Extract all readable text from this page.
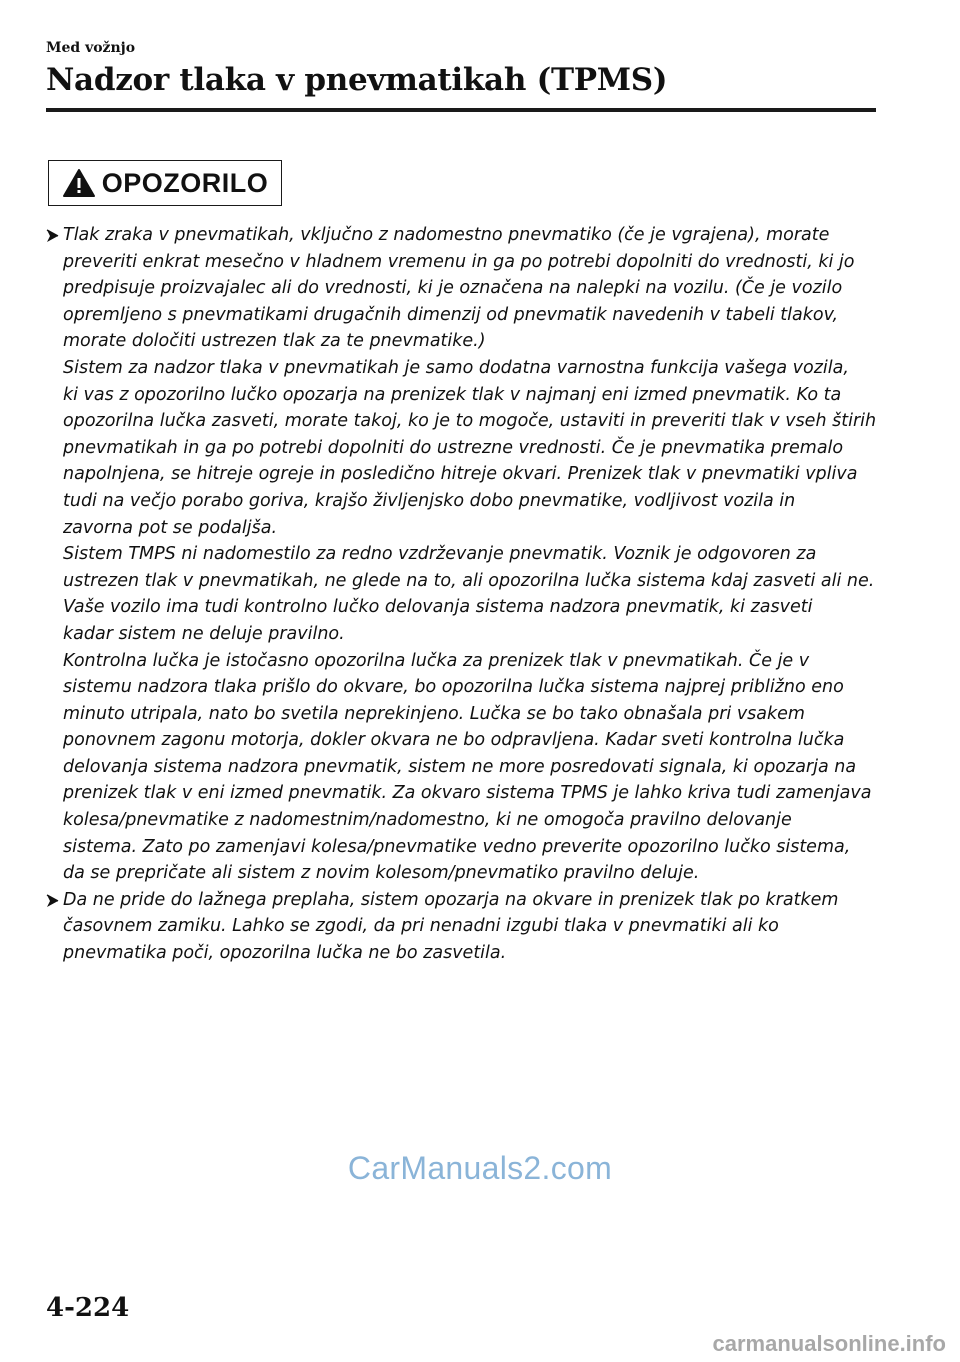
Med vožnjo
Nadzor tlaka v pnevmatikah (TPMS)
OPOZORILO

Tlak zraka v pnevmatikah, vključno z nadomestno pnevmatiko (če je vgrajena), morate
preveriti enkrat mesečno v hladnem vremenu in ga po potrebi dopolniti do vrednosti, ki jo
predpisuje proizvajalec ali do vrednosti, ki je označena na nalepki na vozilu. (Če je vozilo
opremljeno s pnevmatikami drugačnih dimenzij od pnevmatik navedenih v tabeli tlakov,
morate določiti ustrezen tlak za te pnevmatike.)

Sistem za nadzor tlaka v pnevmatikah je samo dodatna varnostna funkcija vašega vozila,
ki vas z opozorilno lučko opozarja na prenizek tlak v najmanj eni izmed pnevmatik. Ko ta
opozorilna lučka zasveti, morate takoj, ko je to mogoče, ustaviti in preveriti tlak v vseh štirih
pnevmatikah in ga po potrebi dopolniti do ustrezne vrednosti. Če je pnevmatika premalo
napolnjena, se hitreje ogreje in posledično hitreje okvari. Prenizek tlak v pnevmatiki vpliva
tudi na večjo porabo goriva, krajšo življenjsko dobo pnevmatike, vodljivost vozila in
zavorna pot se podaljša.

Sistem TMPS ni nadomestilo za redno vzdrževanje pnevmatik. Voznik je odgovoren za
ustrezen tlak v pnevmatikah, ne glede na to, ali opozorilna lučka sistema kdaj zasveti ali ne.
Vaše vozilo ima tudi kontrolno lučko delovanja sistema nadzora pnevmatik, ki zasveti
kadar sistem ne deluje pravilno.

Kontrolna lučka je istočasno opozorilna lučka za prenizek tlak v pnevmatikah. Če je v
sistemu nadzora tlaka prišlo do okvare, bo opozorilna lučka sistema najprej približno eno
minuto utripala, nato bo svetila neprekinjeno. Lučka se bo tako obnašala pri vsakem
ponovnem zagonu motorja, dokler okvara ne bo odpravljena. Kadar sveti kontrolna lučka
delovanja sistema nadzora pnevmatik, sistem ne more posredovati signala, ki opozarja na
prenizek tlak v eni izmed pnevmatik. Za okvaro sistema TPMS je lahko kriva tudi zamenjava
kolesa/pnevmatike z nadomestnim/nadomestno, ki ne omogoča pravilno delovanje
sistema. Zato po zamenjavi kolesa/pnevmatike vedno preverite opozorilno lučko sistema,
da se prepričate ali sistem z novim kolesom/pnevmatiko pravilno deluje.

Da ne pride do lažnega preplaha, sistem opozarja na okvare in prenizek tlak po kratkem
časovnem zamiku. Lahko se zgodi, da pri nenadni izgubi tlaka v pnevmatiki ali ko
pnevmatika poči, opozorilna lučka ne bo zasvetila.

CarManuals2.com
4-224
carmanualsonline.info
